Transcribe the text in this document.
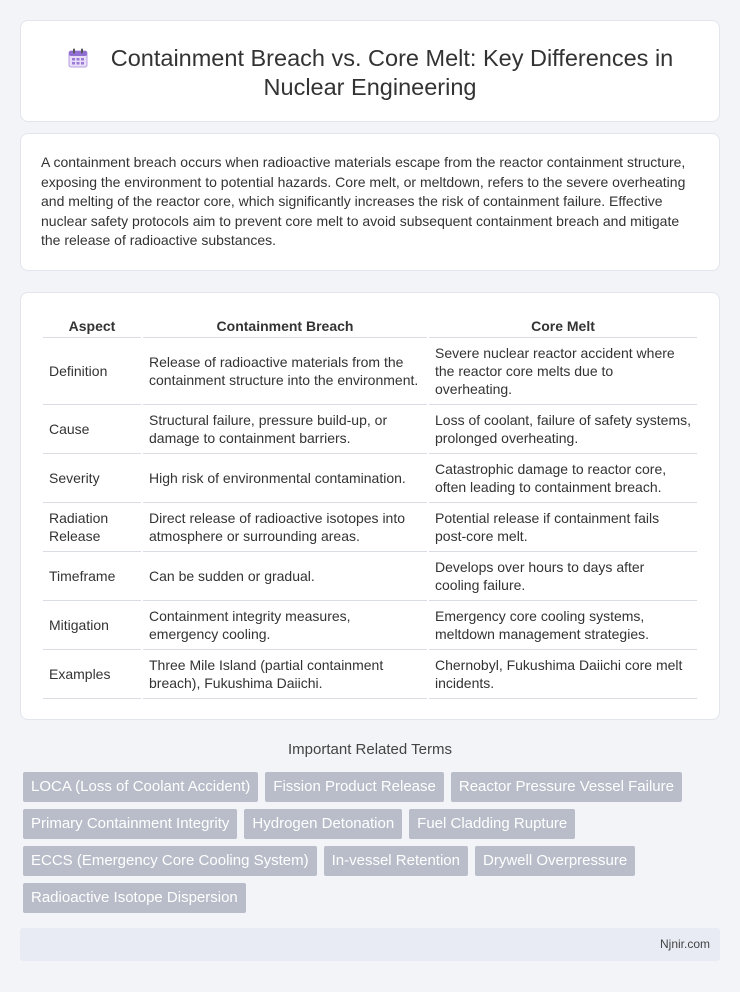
Containment Breach vs. Core Melt: Key Differences in Nuclear Engineering

A containment breach occurs when radioactive materials escape from the reactor containment structure, exposing the environment to potential hazards. Core melt, or meltdown, refers to the severe overheating and melting of the reactor core, which significantly increases the risk of containment failure. Effective nuclear safety protocols aim to prevent core melt to avoid subsequent containment breach and mitigate the release of radioactive substances.

Aspect	Containment Breach	Core Melt
Definition	Release of radioactive materials from the containment structure into the environment.	Severe nuclear reactor accident where the reactor core melts due to overheating.
Cause	Structural failure, pressure build-up, or damage to containment barriers.	Loss of coolant, failure of safety systems, prolonged overheating.
Severity	High risk of environmental contamination.	Catastrophic damage to reactor core, often leading to containment breach.
Radiation Release	Direct release of radioactive isotopes into atmosphere or surrounding areas.	Potential release if containment fails post-core melt.
Timeframe	Can be sudden or gradual.	Develops over hours to days after cooling failure.
Mitigation	Containment integrity measures, emergency cooling.	Emergency core cooling systems, meltdown management strategies.
Examples	Three Mile Island (partial containment breach), Fukushima Daiichi.	Chernobyl, Fukushima Daiichi core melt incidents.
Important Related Terms
LOCA (Loss of Coolant Accident)	Fission Product Release	Reactor Pressure Vessel Failure
Primary Containment Integrity	Hydrogen Detonation	Fuel Cladding Rupture
ECCS (Emergency Core Cooling System)	In-vessel Retention	Drywell Overpressure
Radioactive Isotope Dispersion
Njnir.com
